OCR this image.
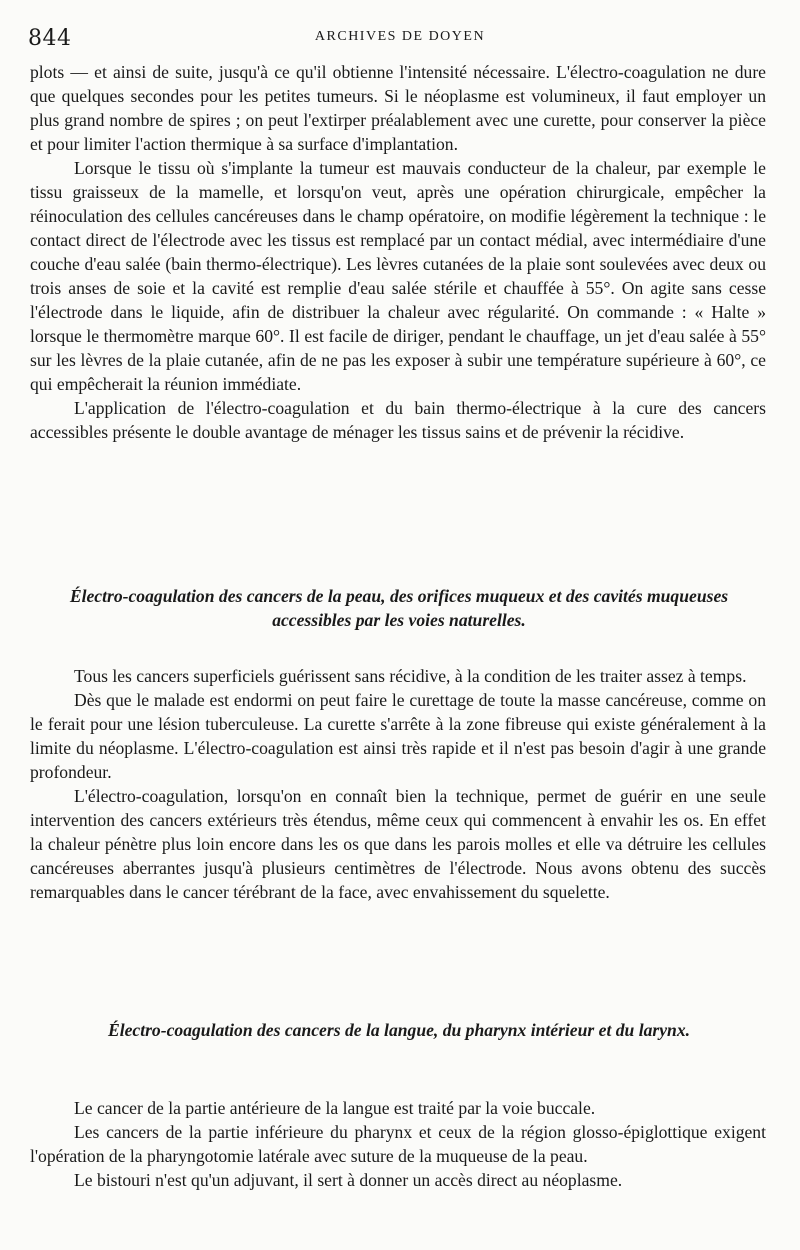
844	ARCHIVES DE DOYEN

plots — et ainsi de suite, jusqu'à ce qu'il obtienne l'intensité nécessaire. L'électro-coagulation ne dure que quelques secondes pour les petites tumeurs. Si le néoplasme est volumineux, il faut employer un plus grand nombre de spires ; on peut l'extirper préalablement avec une curette, pour conserver la pièce et pour limiter l'action thermique à sa surface d'implantation.

Lorsque le tissu où s'implante la tumeur est mauvais conducteur de la chaleur, par exemple le tissu graisseux de la mamelle, et lorsqu'on veut, après une opération chirurgicale, empêcher la réinoculation des cellules cancéreuses dans le champ opératoire, on modifie légèrement la technique : le contact direct de l'électrode avec les tissus est remplacé par un contact médial, avec intermédiaire d'une couche d'eau salée (bain thermo-électrique). Les lèvres cutanées de la plaie sont soulevées avec deux ou trois anses de soie et la cavité est remplie d'eau salée stérile et chauffée à 55°. On agite sans cesse l'électrode dans le liquide, afin de distribuer la chaleur avec régularité. On commande : « Halte » lorsque le thermomètre marque 60°. Il est facile de diriger, pendant le chauffage, un jet d'eau salée à 55° sur les lèvres de la plaie cutanée, afin de ne pas les exposer à subir une température supérieure à 60°, ce qui empêcherait la réunion immédiate.

L'application de l'électro-coagulation et du bain thermo-électrique à la cure des cancers accessibles présente le double avantage de ménager les tissus sains et de prévenir la récidive.

Électro-coagulation des cancers de la peau, des orifices muqueux et des cavités muqueuses accessibles par les voies naturelles.

Tous les cancers superficiels guérissent sans récidive, à la condition de les traiter assez à temps.

Dès que le malade est endormi on peut faire le curettage de toute la masse cancéreuse, comme on le ferait pour une lésion tuberculeuse. La curette s'arrête à la zone fibreuse qui existe généralement à la limite du néoplasme. L'électro-coagulation est ainsi très rapide et il n'est pas besoin d'agir à une grande profondeur.

L'électro-coagulation, lorsqu'on en connaît bien la technique, permet de guérir en une seule intervention des cancers extérieurs très étendus, même ceux qui commencent à envahir les os. En effet la chaleur pénètre plus loin encore dans les os que dans les parois molles et elle va détruire les cellules cancéreuses aberrantes jusqu'à plusieurs centimètres de l'électrode. Nous avons obtenu des succès remarquables dans le cancer térébrant de la face, avec envahissement du squelette.

Électro-coagulation des cancers de la langue, du pharynx intérieur et du larynx.

Le cancer de la partie antérieure de la langue est traité par la voie buccale.

Les cancers de la partie inférieure du pharynx et ceux de la région glosso-épiglottique exigent l'opération de la pharyngotomie latérale avec suture de la muqueuse de la peau.

Le bistouri n'est qu'un adjuvant, il sert à donner un accès direct au néoplasme.
